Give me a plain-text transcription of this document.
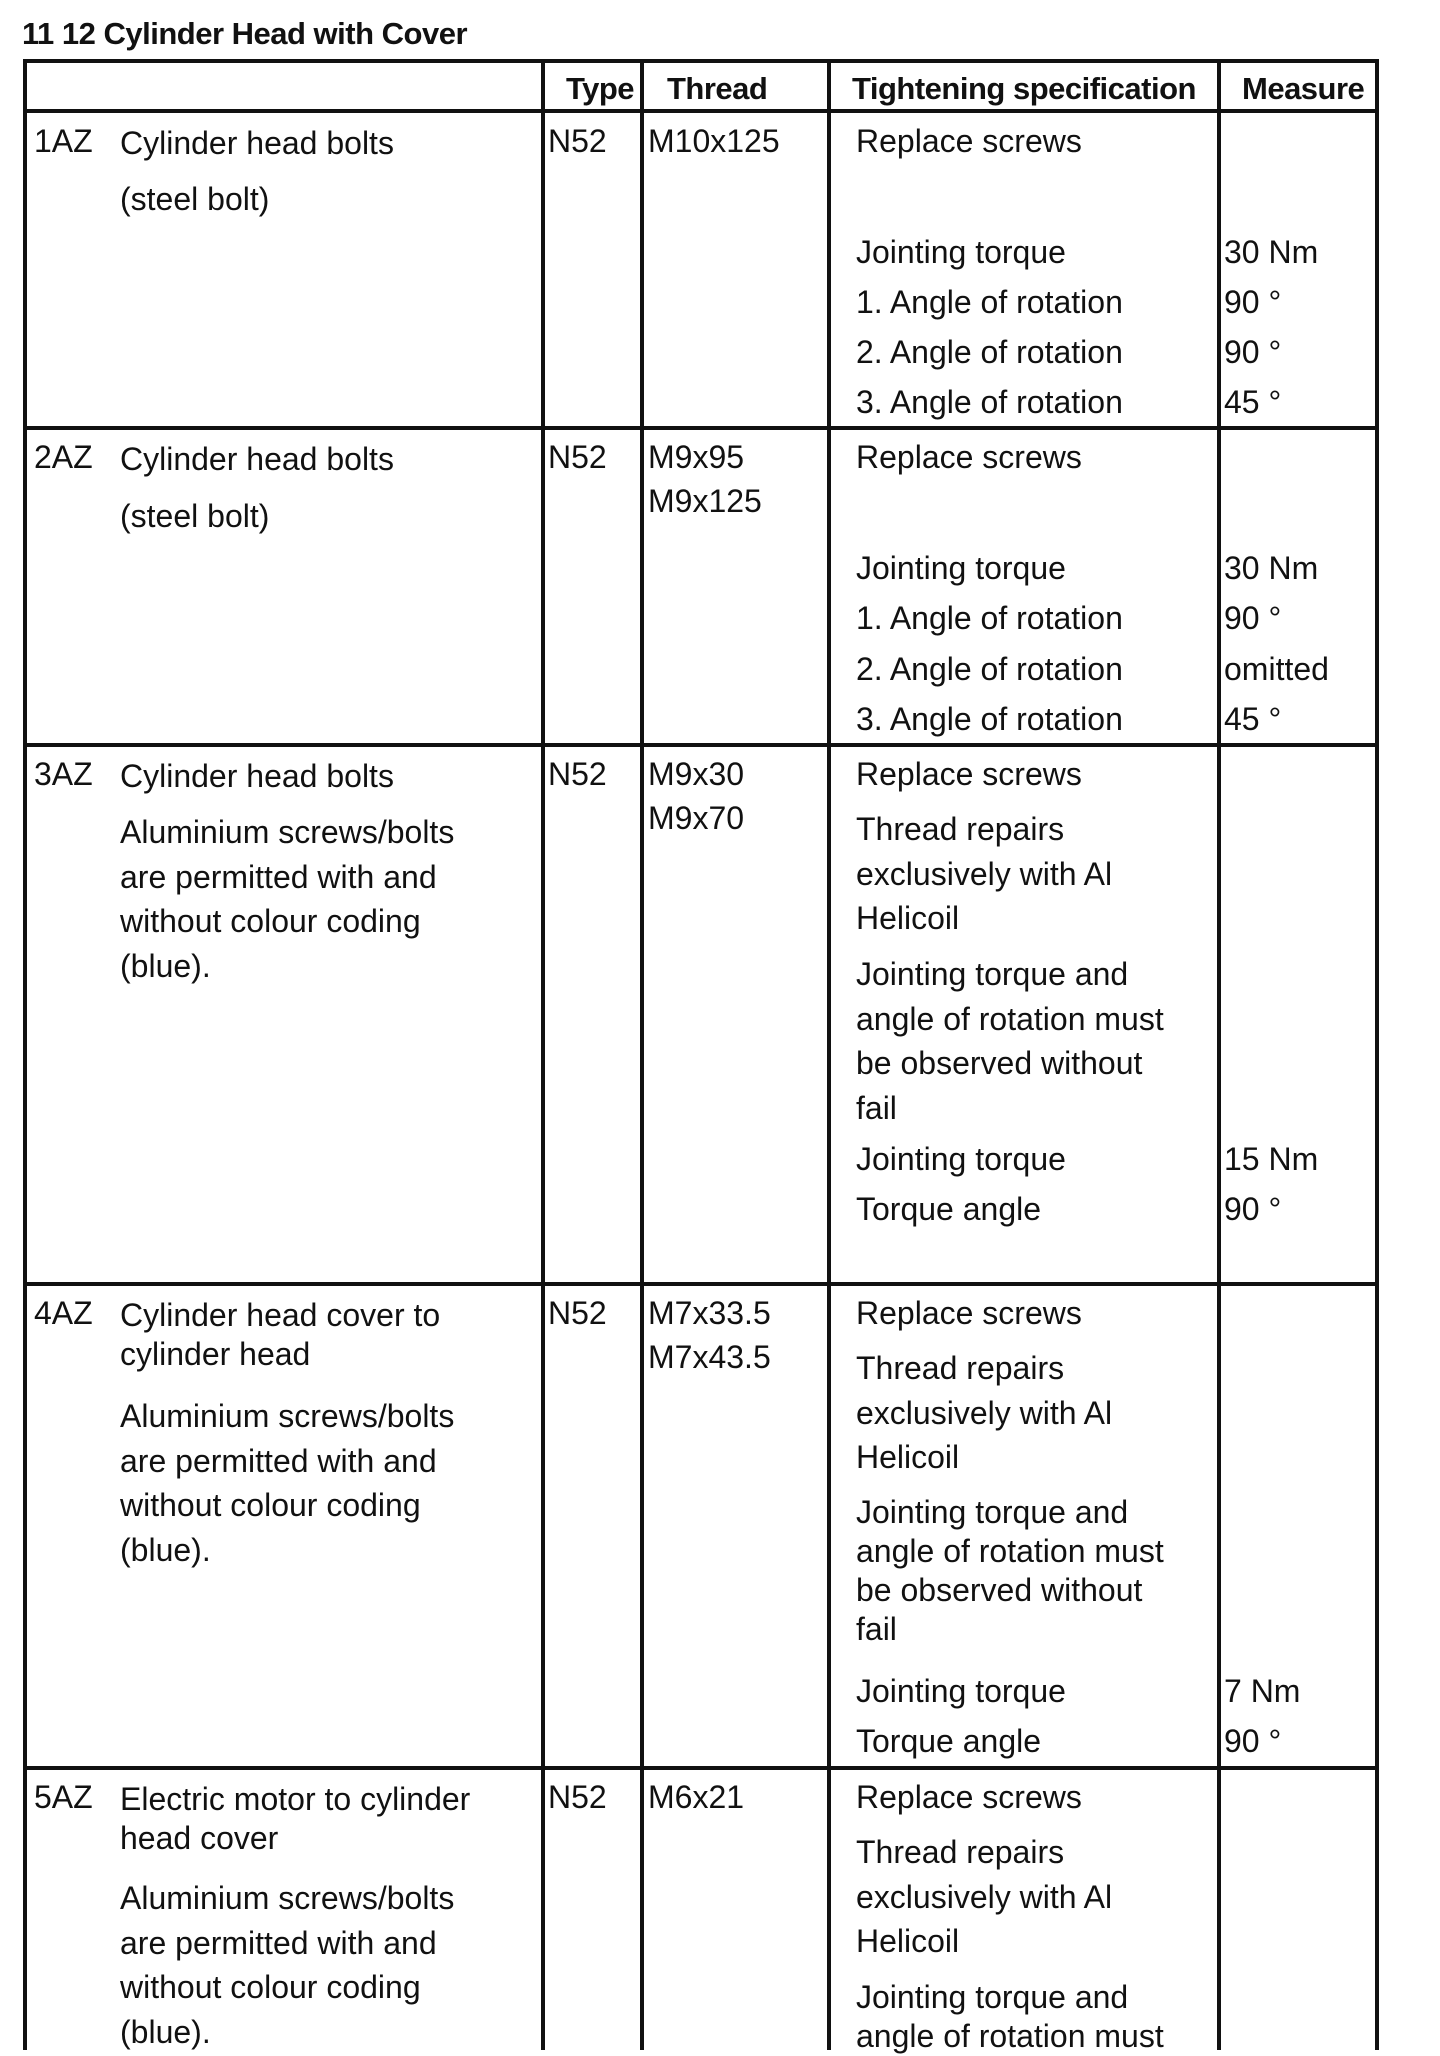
11 12 Cylinder Head with Cover
Type Thread	Tightening specification Measure
1AZ Cylinder head bolts
(steel bolt)
N52 M10x125 Replace screws
Jointing torque
1. Angle of rotation
2. Angle of rotation
3. Angle of rotation
30 Nm
90 °
90 °
45 °
2AZ Cylinder head bolts
(steel bolt)
N52 M9x95
M9x125
Replace screws
Jointing torque
1. Angle of rotation
2. Angle of rotation
3. Angle of rotation
30 Nm
90 °
omitted
45 °
3AZ Cylinder head bolts
Aluminium screws/bolts
are permitted with and
without colour coding
(blue).
N52 M9x30
M9x70
Replace screws
Thread repairs
exclusively with Al
Helicoil
Jointing torque and
angle of rotation must
be observed without
fail
Jointing torque
Torque angle
15 Nm
90 °
4AZ Cylinder head cover to
cylinder head
Aluminium screws/bolts
are permitted with and
without colour coding
(blue).
N52 M7x33.5
M7x43.5
Replace screws
Thread repairs
exclusively with Al
Helicoil
Jointing torque and
angle of rotation must
be observed without
fail
Jointing torque
Torque angle
7 Nm
90 °
5AZ Electric motor to cylinder
head cover
Aluminium screws/bolts
are permitted with and
without colour coding
(blue).
N52 M6x21	Replace screws
Thread repairs
exclusively with Al
Helicoil
Jointing torque and
angle of rotation must
